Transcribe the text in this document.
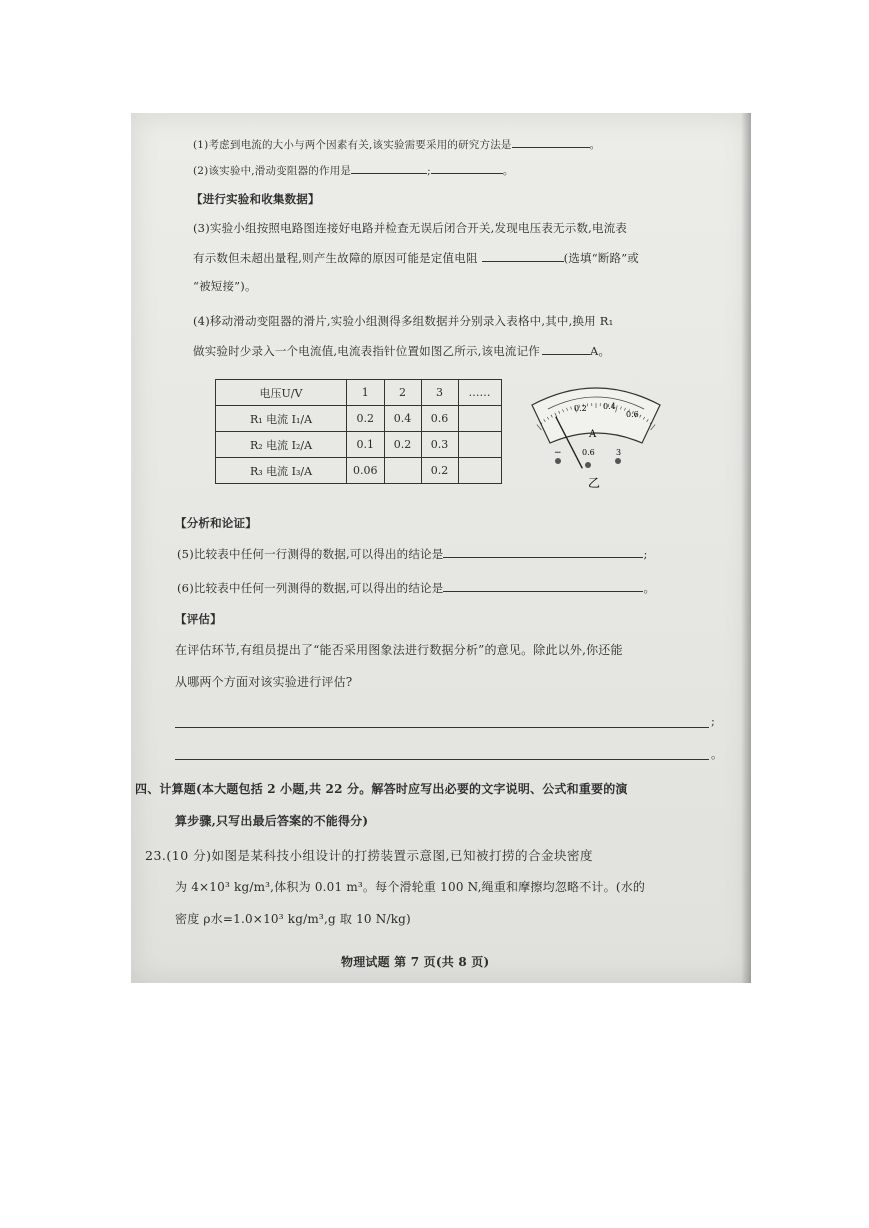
(1)考虑到电流的大小与两个因素有关,该实验需要采用的研究方法是	。
(2)该实验中,滑动变阻器的作用是	;	。
【进行实验和收集数据】
(3)实验小组按照电路图连接好电路并检查无误后闭合开关,发现电压表无示数,电流表
有示数但未超出量程,则产生故障的原因可能是定值电阻	(选填“断路”或
“被短接”)。
(4)移动滑动变阻器的滑片,实验小组测得多组数据并分别录入表格中,其中,换用 R₁
做实验时少录入一个电流值,电流表指针位置如图乙所示,该电流记作	A。
电压U/V	1	2	3	……
R₁ 电流 I₁/A	0.2	0.4	0.6	
R₂ 电流 I₂/A	0.1	0.2	0.3	
R₃ 电流 I₃/A	0.06		0.2	
0.2 0.4
0.6
A
−	0.6	3
乙
【分析和论证】
(5)比较表中任何一行测得的数据,可以得出的结论是	;
(6)比较表中任何一列测得的数据,可以得出的结论是	。
【评估】
在评估环节,有组员提出了“能否采用图象法进行数据分析”的意见。除此以外,你还能
从哪两个方面对该实验进行评估?
;
。
四、计算题(本大题包括 2 小题,共 22 分。解答时应写出必要的文字说明、公式和重要的演
算步骤,只写出最后答案的不能得分)
23.(10 分)如图是某科技小组设计的打捞装置示意图,已知被打捞的合金块密度
为 4×10³ kg/m³,体积为 0.01 m³。每个滑轮重 100 N,绳重和摩擦均忽略不计。(水的
密度 ρ水=1.0×10³ kg/m³,g 取 10 N/kg)
物理试题 第 7 页(共 8 页)
